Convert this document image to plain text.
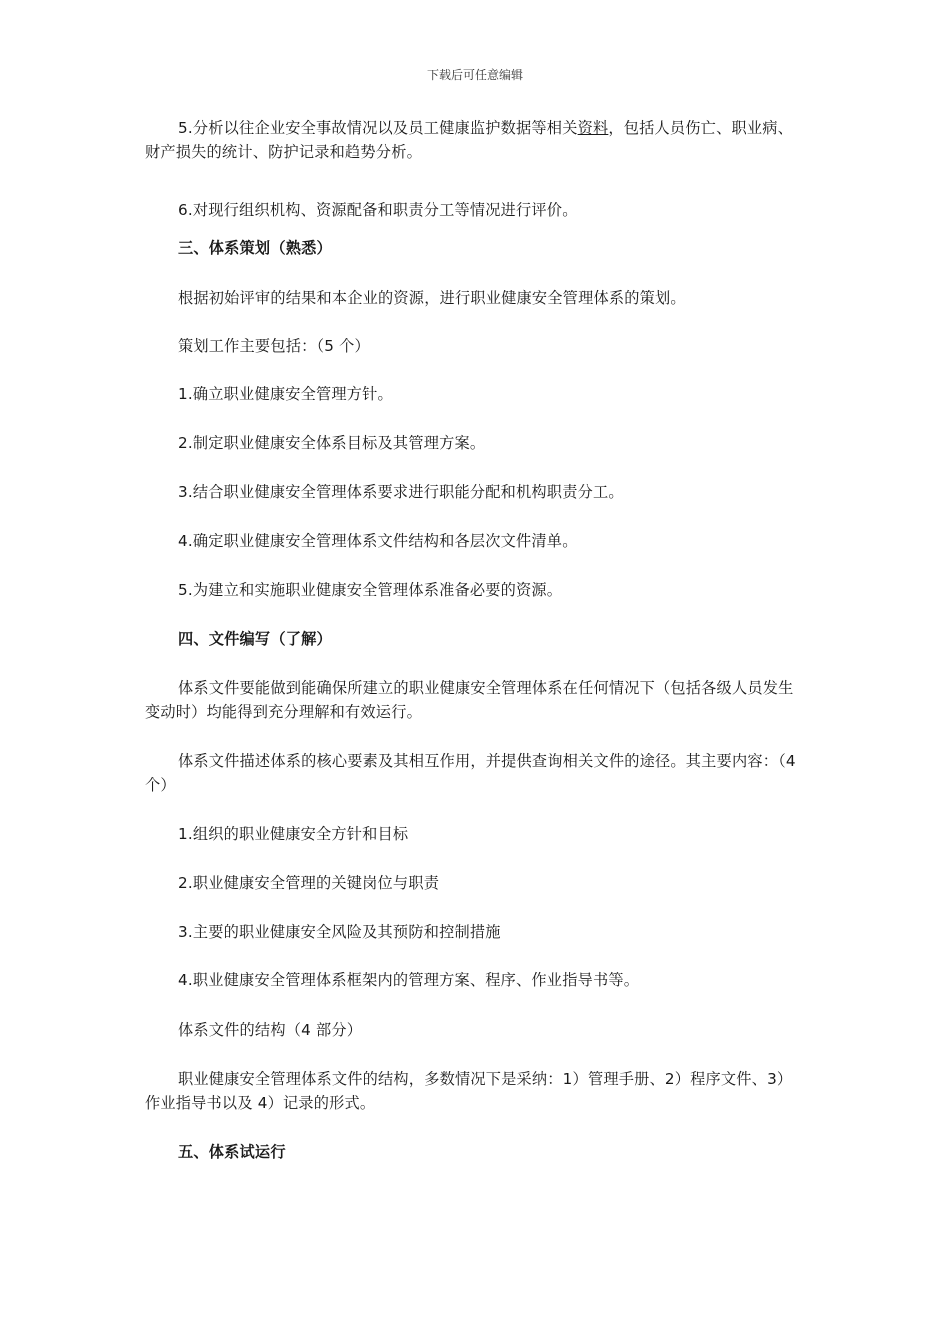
下载后可任意编辑

5.分析以往企业安全事故情况以及员工健康监护数据等相关资料，包括人员伤亡、职业病、财产损失的统计、防护记录和趋势分析。

6.对现行组织机构、资源配备和职责分工等情况进行评价。

三、体系策划（熟悉）

根据初始评审的结果和本企业的资源，进行职业健康安全管理体系的策划。

策划工作主要包括：（5 个）

1.确立职业健康安全管理方针。

2.制定职业健康安全体系目标及其管理方案。

3.结合职业健康安全管理体系要求进行职能分配和机构职责分工。

4.确定职业健康安全管理体系文件结构和各层次文件清单。

5.为建立和实施职业健康安全管理体系准备必要的资源。

四、文件编写（了解）

体系文件要能做到能确保所建立的职业健康安全管理体系在任何情况下（包括各级人员发生变动时）均能得到充分理解和有效运行。

体系文件描述体系的核心要素及其相互作用，并提供查询相关文件的途径。其主要内容：（4 个）

1.组织的职业健康安全方针和目标

2.职业健康安全管理的关键岗位与职责

3.主要的职业健康安全风险及其预防和控制措施

4.职业健康安全管理体系框架内的管理方案、程序、作业指导书等。

体系文件的结构（4 部分）

职业健康安全管理体系文件的结构，多数情况下是采纳：1）管理手册、2）程序文件、3）作业指导书以及 4）记录的形式。

五、体系试运行
